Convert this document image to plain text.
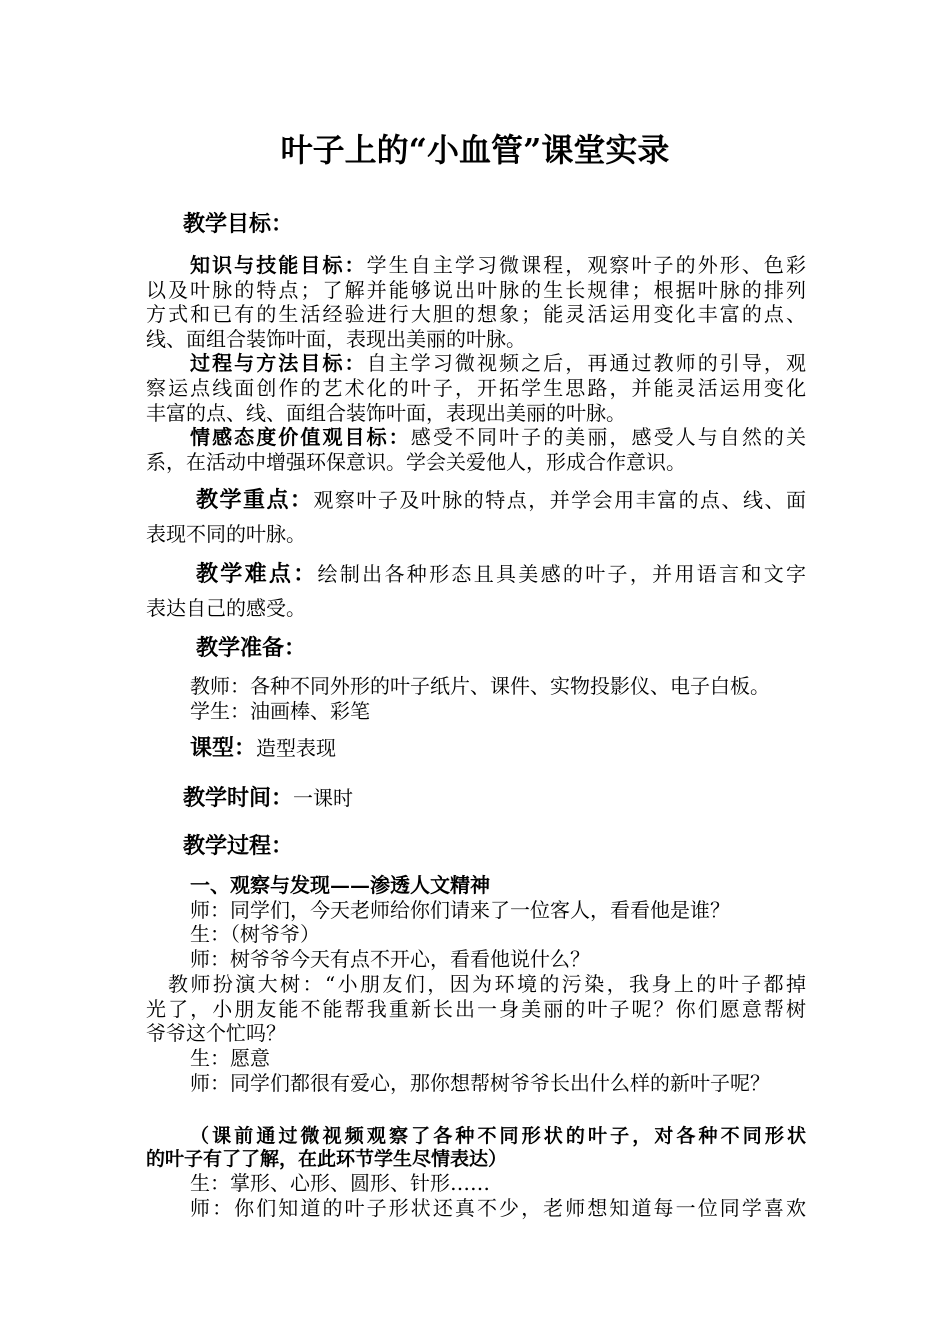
叶子上的“小血管”课堂实录
教学目标：
知识与技能目标：学生自主学习微课程，观察叶子的外形、色彩
以及叶脉的特点；了解并能够说出叶脉的生长规律；根据叶脉的排列
方式和已有的生活经验进行大胆的想象；能灵活运用变化丰富的点、
线、面组合装饰叶面，表现出美丽的叶脉。
过程与方法目标：自主学习微视频之后，再通过教师的引导，观
察运点线面创作的艺术化的叶子，开拓学生思路，并能灵活运用变化
丰富的点、线、面组合装饰叶面，表现出美丽的叶脉。
情感态度价值观目标：感受不同叶子的美丽，感受人与自然的关
系，在活动中增强环保意识。学会关爱他人，形成合作意识。
教学重点：观察叶子及叶脉的特点，并学会用丰富的点、线、面
表现不同的叶脉。
教学难点：绘制出各种形态且具美感的叶子，并用语言和文字
表达自己的感受。
教学准备：
教师：各种不同外形的叶子纸片、课件、实物投影仪、电子白板。
学生：油画棒、彩笔
课型：造型表现
教学时间：一课时
教学过程：
一、观察与发现——渗透人文精神
师：同学们，今天老师给你们请来了一位客人，看看他是谁？
生：（树爷爷）
师：树爷爷今天有点不开心，看看他说什么？
教师扮演大树：“小朋友们，因为环境的污染，我身上的叶子都掉
光了，小朋友能不能帮我重新长出一身美丽的叶子呢？你们愿意帮树
爷爷这个忙吗？
生：愿意
师：同学们都很有爱心，那你想帮树爷爷长出什么样的新叶子呢？
（课前通过微视频观察了各种不同形状的叶子，对各种不同形状
的叶子有了了解，在此环节学生尽情表达）
生：掌形、心形、圆形、针形……
师：你们知道的叶子形状还真不少，老师想知道每一位同学喜欢
